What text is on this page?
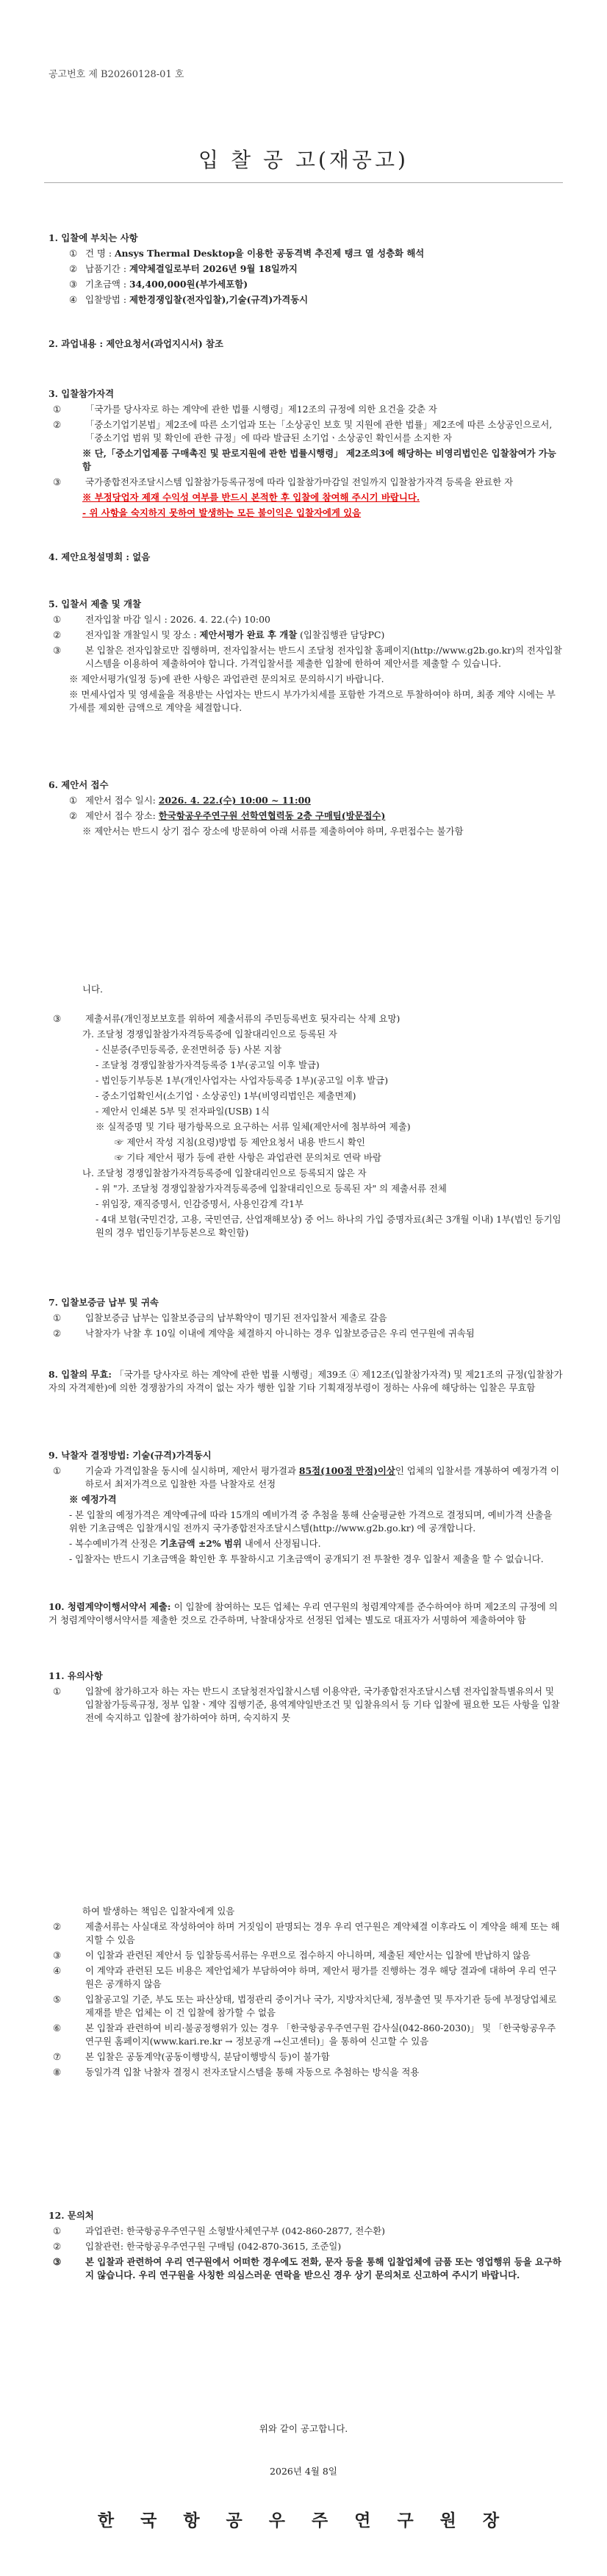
공고번호 제 B20260128-01 호
입 찰 공 고(재공고)
1. 입찰에 부치는 사항
① 건 명 : Ansys Thermal Desktop을 이용한 공동격벽 추진제 탱크 열 성층화 해석
② 납품기간 : 계약체결일로부터 2026년 9월 18일까지
③ 기초금액 : 34,400,000원(부가세포함)
④ 입찰방법 : 제한경쟁입찰(전자입찰),기술(규격)가격동시
2. 과업내용 : 제안요청서(과업지시서) 참조
3. 입찰참가자격
①	「국가를 당사자로 하는 계약에 관한 법률 시행령」제12조의 규정에 의한 요건을 갖춘 자
②	「중소기업기본법」제2조에 따른 소기업과 또는「소상공인 보호 및 지원에 관한 법률」제2조에 따른 소상공인으로서,「중소기업 범위 및 확인에 관한 규정」에 따라 발급된 소기업ㆍ소상공인 확인서를 소지한 자
※ 단,「중소기업제품 구매촉진 및 판로지원에 관한 법률시행령」 제2조의3에 해당하는 비영리법인은 입찰참여가 가능함
③	국가종합전자조달시스템 입찰참가등록규정에 따라 입찰참가마감일 전일까지 입찰참가자격 등록을 완료한 자
※ 부정당업자 제재 수익성 여부를 반드시 본적한 후 입찰에 참여해 주시기 바랍니다.
- 위 사항을 숙지하지 못하여 발생하는 모든 불이익은 입찰자에게 있음
4. 제안요청설명회 : 없음
5. 입찰서 제출 및 개찰
①	전자입찰 마감 일시 : 2026. 4. 22.(수) 10:00
②	전자입찰 개찰일시 및 장소 : 제안서평가 완료 후 개찰 (입찰집행관 담당PC)
③	본 입찰은 전자입찰로만 집행하며, 전자입찰서는 반드시 조달청 전자입찰 홈페이지(http://www.g2b.go.kr)의 전자입찰시스템을 이용하여 제출하여야 합니다. 가격입찰서를 제출한 입찰에 한하여 제안서를 제출할 수 있습니다.
※ 제안서평가(일정 등)에 관한 사항은 과업관련 문의처로 문의하시기 바랍니다.
※ 면세사업자 및 영세율을 적용받는 사업자는 반드시 부가가치세를 포함한 가격으로 투찰하여야 하며, 최종 계약 시에는 부가세를 제외한 금액으로 계약을 체결합니다.
6. 제안서 접수
① 제안서 접수 일시: 2026. 4. 22.(수) 10:00 ~ 11:00
② 제안서 접수 장소: 한국항공우주연구원 선학연협력동 2층 구매팀(방문접수)
※ 제안서는 반드시 상기 접수 장소에 방문하여 아래 서류를 제출하여야 하며, 우편접수는 불가함
니다.
③	제출서류(개인정보보호를 위하여 제출서류의 주민등록번호 뒷자리는 삭제 요망)
가. 조달청 경쟁입찰참가자격등록증에 입찰대리인으로 등록된 자
- 신분증(주민등록증, 운전면허증 등) 사본 지참
- 조달청 경쟁입찰참가자격등록증 1부(공고일 이후 발급)
- 법인등기부등본 1부(개인사업자는 사업자등록증 1부)(공고일 이후 발급)
- 중소기업확인서(소기업ㆍ소상공인) 1부(비영리법인은 제출면제)
- 제안서 인쇄본 5부 및 전자파일(USB) 1식
※ 실적증명 및 기타 평가항목으로 요구하는 서류 일체(제안서에 첨부하여 제출)
☞ 제안서 작성 지침(요령)방법 등 제안요청서 내용 반드시 확인
☞ 기타 제안서 평가 등에 관한 사항은 과업관련 문의처로 연락 바람
나. 조달청 경쟁입찰참가자격등록증에 입찰대리인으로 등록되지 않은 자
- 위 "가. 조달청 경쟁입찰참가자격등록증에 입찰대리인으로 등록된 자" 의 제출서류 전체
- 위임장, 재직증명서, 인감증명서, 사용인감계 각1부
- 4대 보험(국민건강, 고용, 국민연금, 산업재해보상) 중 어느 하나의 가입 증명자료(최근 3개월 이내) 1부(법인 등기임원의 경우 법인등기부등본으로 확인함)
7. 입찰보증금 납부 및 귀속
①	입찰보증금 납부는 입찰보증금의 납부확약이 명기된 전자입찰서 제출로 갈음
②	낙찰자가 낙찰 후 10일 이내에 계약을 체결하지 아니하는 경우 입찰보증금은 우리 연구원에 귀속됨
8. 입찰의 무효: 「국가를 당사자로 하는 계약에 관한 법률 시행령」제39조 ④ 제12조(입찰참가자격) 및 제21조의 규정(입찰참가자의 자격제한)에 의한 경쟁참가의 자격이 없는 자가 행한 입찰 기타 기획재정부령이 정하는 사유에 해당하는 입찰은 무효함
9. 낙찰자 결정방법: 기술(규격)가격동시
①	기술과 가격입찰을 동시에 실시하며, 제안서 평가결과 85점(100점 만점)이상인 업체의 입찰서를 개봉하여 예정가격 이하로서 최저가격으로 입찰한 자를 낙찰자로 선정
※ 예정가격
- 본 입찰의 예정가격은 계약예규에 따라 15개의 예비가격 중 추첨을 통해 산술평균한 가격으로 결정되며, 예비가격 산출을 위한 기초금액은 입찰개시일 전까지 국가종합전자조달시스템(http://www.g2b.go.kr) 에 공개합니다.
- 복수예비가격 산정은 기초금액 ±2% 범위 내에서 산정됩니다.
- 입찰자는 반드시 기초금액을 확인한 후 투찰하시고 기초금액이 공개되기 전 투찰한 경우 입찰서 제출을 할 수 없습니다.
10. 청렴계약이행서약서 제출: 이 입찰에 참여하는 모든 업체는 우리 연구원의 청렴계약제를 준수하여야 하며 제2조의 규정에 의거 청렴계약이행서약서를 제출한 것으로 간주하며, 낙찰대상자로 선정된 업체는 별도로 대표자가 서명하여 제출하여야 함
11. 유의사항
①	입찰에 참가하고자 하는 자는 반드시 조달청전자입찰시스템 이용약관, 국가종합전자조달시스템 전자입찰특별유의서 및 입찰참가등록규정, 정부 입찰ㆍ계약 집행기준, 용역계약일반조건 및 입찰유의서 등 기타 입찰에 필요한 모든 사항을 입찰 전에 숙지하고 입찰에 참가하여야 하며, 숙지하지 못
하여 발생하는 책임은 입찰자에게 있음
②	제출서류는 사실대로 작성하여야 하며 거짓임이 판명되는 경우 우리 연구원은 계약체결 이후라도 이 계약을 해제 또는 해지할 수 있음
③	이 입찰과 관련된 제안서 등 입찰등록서류는 우편으로 접수하지 아니하며, 제출된 제안서는 입찰에 반납하지 않음
④	이 계약과 관련된 모든 비용은 제안업체가 부담하여야 하며, 제안서 평가를 진행하는 경우 해당 결과에 대하여 우리 연구원은 공개하지 않음
⑤	입찰공고일 기준, 부도 또는 파산상태, 법정관리 중이거나 국가, 지방자치단체, 정부출연 및 투자기관 등에 부정당업체로 제재를 받은 업체는 이 건 입찰에 참가할 수 없음
⑥	본 입찰과 관련하여 비리·불공정행위가 있는 경우 「한국항공우주연구원 감사실(042-860-2030)」 및 「한국항공우주연구원 홈페이지(www.kari.re.kr → 정보공개 →신고센터)」을 통하여 신고할 수 있음
⑦	본 입찰은 공동계약(공동이행방식, 분담이행방식 등)이 불가함
⑧	동일가격 입찰 낙찰자 결정시 전자조달시스템을 통해 자동으로 추첨하는 방식을 적용
12. 문의처
①	과업관련: 한국항공우주연구원 소형발사체연구부 (042-860-2877, 전수환)
②	입찰관련: 한국항공우주연구원 구매팀 (042-870-3615, 조준일)
③	본 입찰과 관련하여 우리 연구원에서 어떠한 경우에도 전화, 문자 등을 통해 입찰업체에 금품 또는 영업행위 등을 요구하지 않습니다. 우리 연구원을 사칭한 의심스러운 연락을 받으신 경우 상기 문의처로 신고하여 주시기 바랍니다.
위와 같이 공고합니다.
2026년 4월 8일
한 국 항 공 우 주 연 구 원 장
